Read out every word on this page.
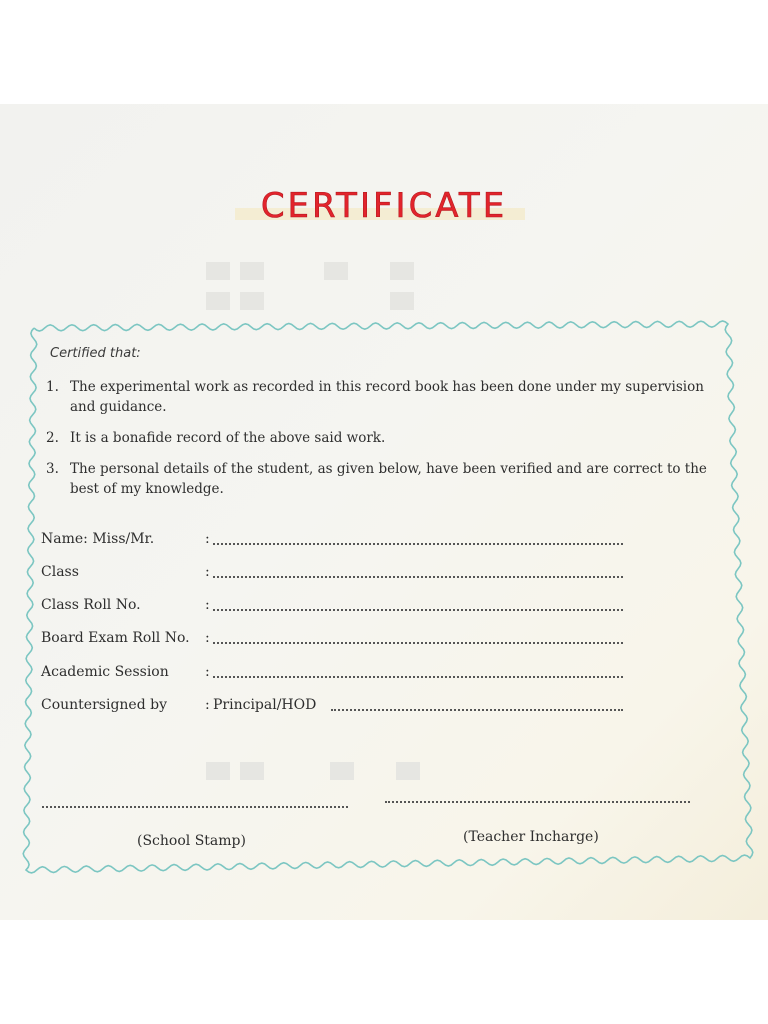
CERTIFICATE
Certified that:
1. The experimental work as recorded in this record book has been done under my supervision and guidance.
2. It is a bonafide record of the above said work.
3. The personal details of the student, as given below, have been verified and are correct to the best of my knowledge.
Name: Miss/Mr.	:
Class	:
Class Roll No.	:
Board Exam Roll No. :
Academic Session	:
Countersigned by	: Principal/HOD
(School Stamp)	(Teacher Incharge)
